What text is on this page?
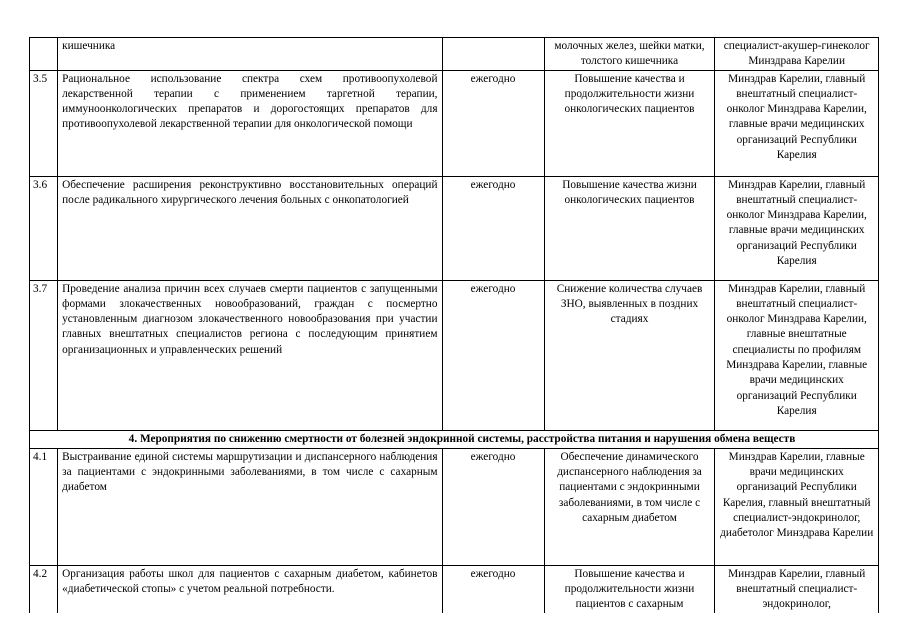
	кишечника		молочных желез, шейки матки, толстого кишечника	специалист-акушер-гинеколог Минздрава Карелии
3.5	Рациональное использование спектра схем противоопухолевой лекарственной терапии с применением таргетной терапии, иммуноонкологических препаратов и дорогостоящих препаратов для противоопухолевой лекарственной терапии для онкологической помощи	ежегодно	Повышение качества и продолжительности жизни онкологических пациентов	Минздрав Карелии, главный внештатный специалист-онколог Минздрава Карелии, главные врачи медицинских организаций Республики Карелия
3.6	Обеспечение расширения реконструктивно восстановительных операций после радикального хирургического лечения больных с онкопатологией	ежегодно	Повышение качества жизни онкологических пациентов	Минздрав Карелии, главный внештатный специалист-онколог Минздрава Карелии, главные врачи медицинских организаций Республики Карелия
3.7	Проведение анализа причин всех случаев смерти пациентов с запущенными формами злокачественных новообразований, граждан с посмертно установленным диагнозом злокачественного новообразования при участии главных внештатных специалистов региона с последующим принятием организационных и управленческих решений	ежегодно	Снижение количества случаев ЗНО, выявленных в поздних стадиях	Минздрав Карелии, главный внештатный специалист-онколог Минздрава Карелии, главные внештатные специалисты по профилям Минздрава Карелии, главные врачи медицинских организаций Республики Карелия
4. Мероприятия по снижению смертности от болезней эндокринной системы, расстройства питания и нарушения обмена веществ				
4.1	Выстраивание единой системы маршрутизации и диспансерного наблюдения за пациентами с эндокринными заболеваниями, в том числе с сахарным диабетом	ежегодно	Обеспечение динамического диспансерного наблюдения за пациентами с эндокринными заболеваниями, в том числе с сахарным диабетом	Минздрав Карелии, главные врачи медицинских организаций Республики Карелия, главный внештатный специалист-эндокринолог, диабетолог Минздрава Карелии
4.2	Организация работы школ для пациентов с сахарным диабетом, кабинетов «диабетической стопы» с учетом реальной потребности.	ежегодно	Повышение качества и продолжительности жизни пациентов с сахарным	Минздрав Карелии, главный внештатный специалист-эндокринолог,
